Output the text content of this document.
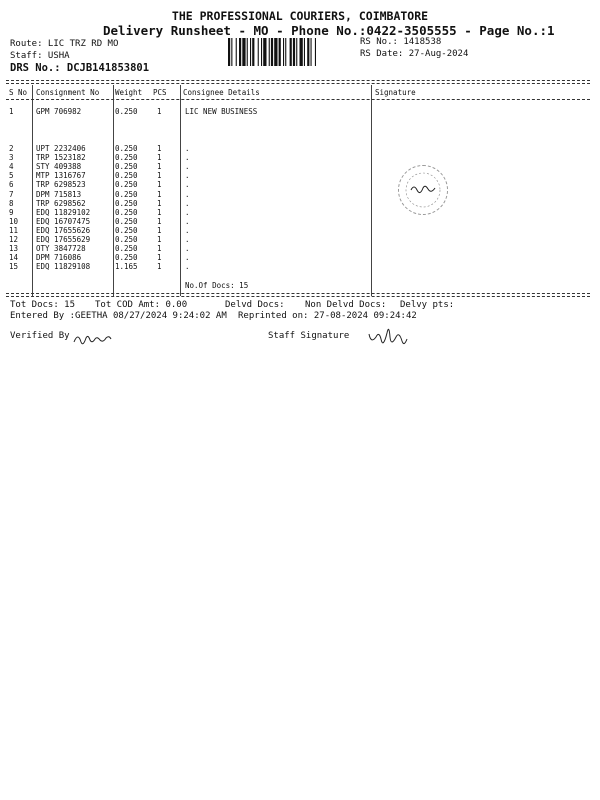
THE PROFESSIONAL COURIERS, COIMBATORE
Delivery Runsheet - MO - Phone No.:0422-3505555 - Page No.:1
Route: LIC TRZ RD MO
Staff: USHA
DRS No.: DCJB141853801
RS No.: 1418538
RS Date: 27-Aug-2024
S No Consignment No Weight PCS Consignee Details	Signature
1	GPM 706982	0.250	1	LIC NEW BUSINESS
2	UPT 2232406	0.250	1	.
3	TRP 1523182	0.250	1	.
4	STY 409388	0.250	1	.
5	MTP 1316767	0.250	1	.
6	TRP 6298523	0.250	1	.
7	DPM 715813	0.250	1	.
8	TRP 6298562	0.250	1	.
9	EDQ 11829102	0.250	1	.
10 EDQ 16707475	0.250	1	.
11 EDQ 17655626	0.250	1	.
12 EDQ 17655629	0.250	1	.
13 OTY 3847728	0.250	1	.
14 DPM 716086	0.250	1	.
15 EDQ 11829108	1.165	1	.
No.Of Docs: 15
Tot Docs: 15 Tot COD Amt: 0.00	Delvd Docs: Non Delvd Docs: Delvy pts:
Entered By :GEETHA 08/27/2024 9:24:02 AM Reprinted on: 27-08-2024 09:24:42
Verified By	Staff Signature
